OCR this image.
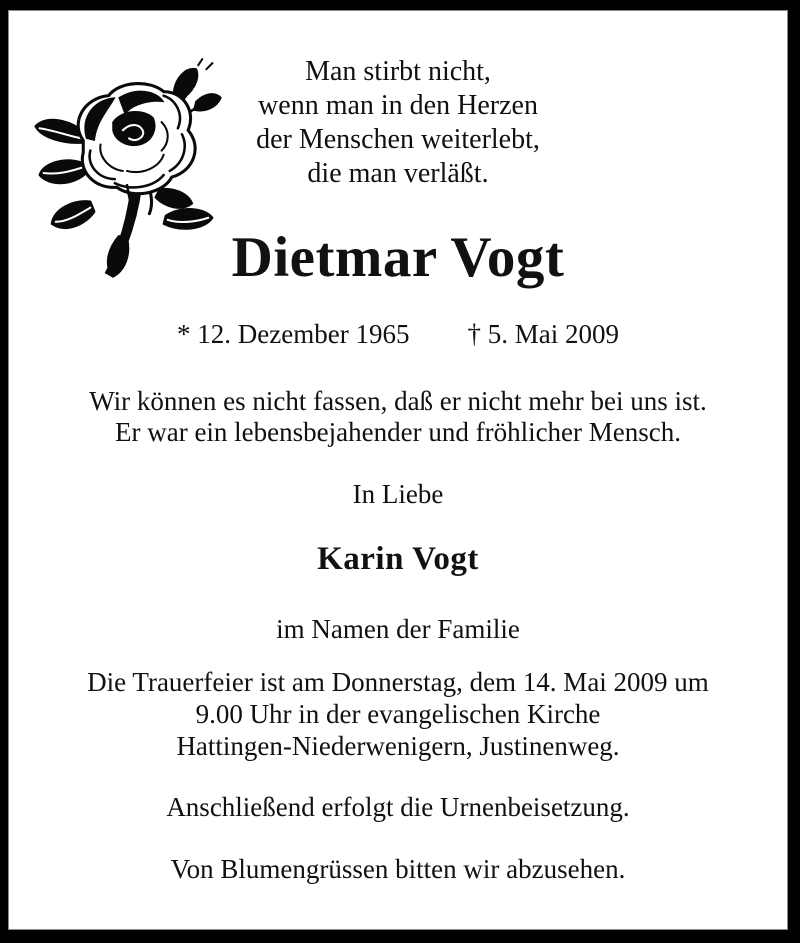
Man stirbt nicht,
wenn man in den Herzen
der Menschen weiterlebt,
die man verläßt.
Dietmar Vogt
* 12. Dezember 1965 † 5. Mai 2009
Wir können es nicht fassen, daß er nicht mehr bei uns ist.
Er war ein lebensbejahender und fröhlicher Mensch.
In Liebe
Karin Vogt
im Namen der Familie
Die Trauerfeier ist am Donnerstag, dem 14. Mai 2009 um
9.00 Uhr in der evangelischen Kirche
Hattingen-Niederwenigern, Justinenweg.
Anschließend erfolgt die Urnenbeisetzung.
Von Blumengrüssen bitten wir abzusehen.
